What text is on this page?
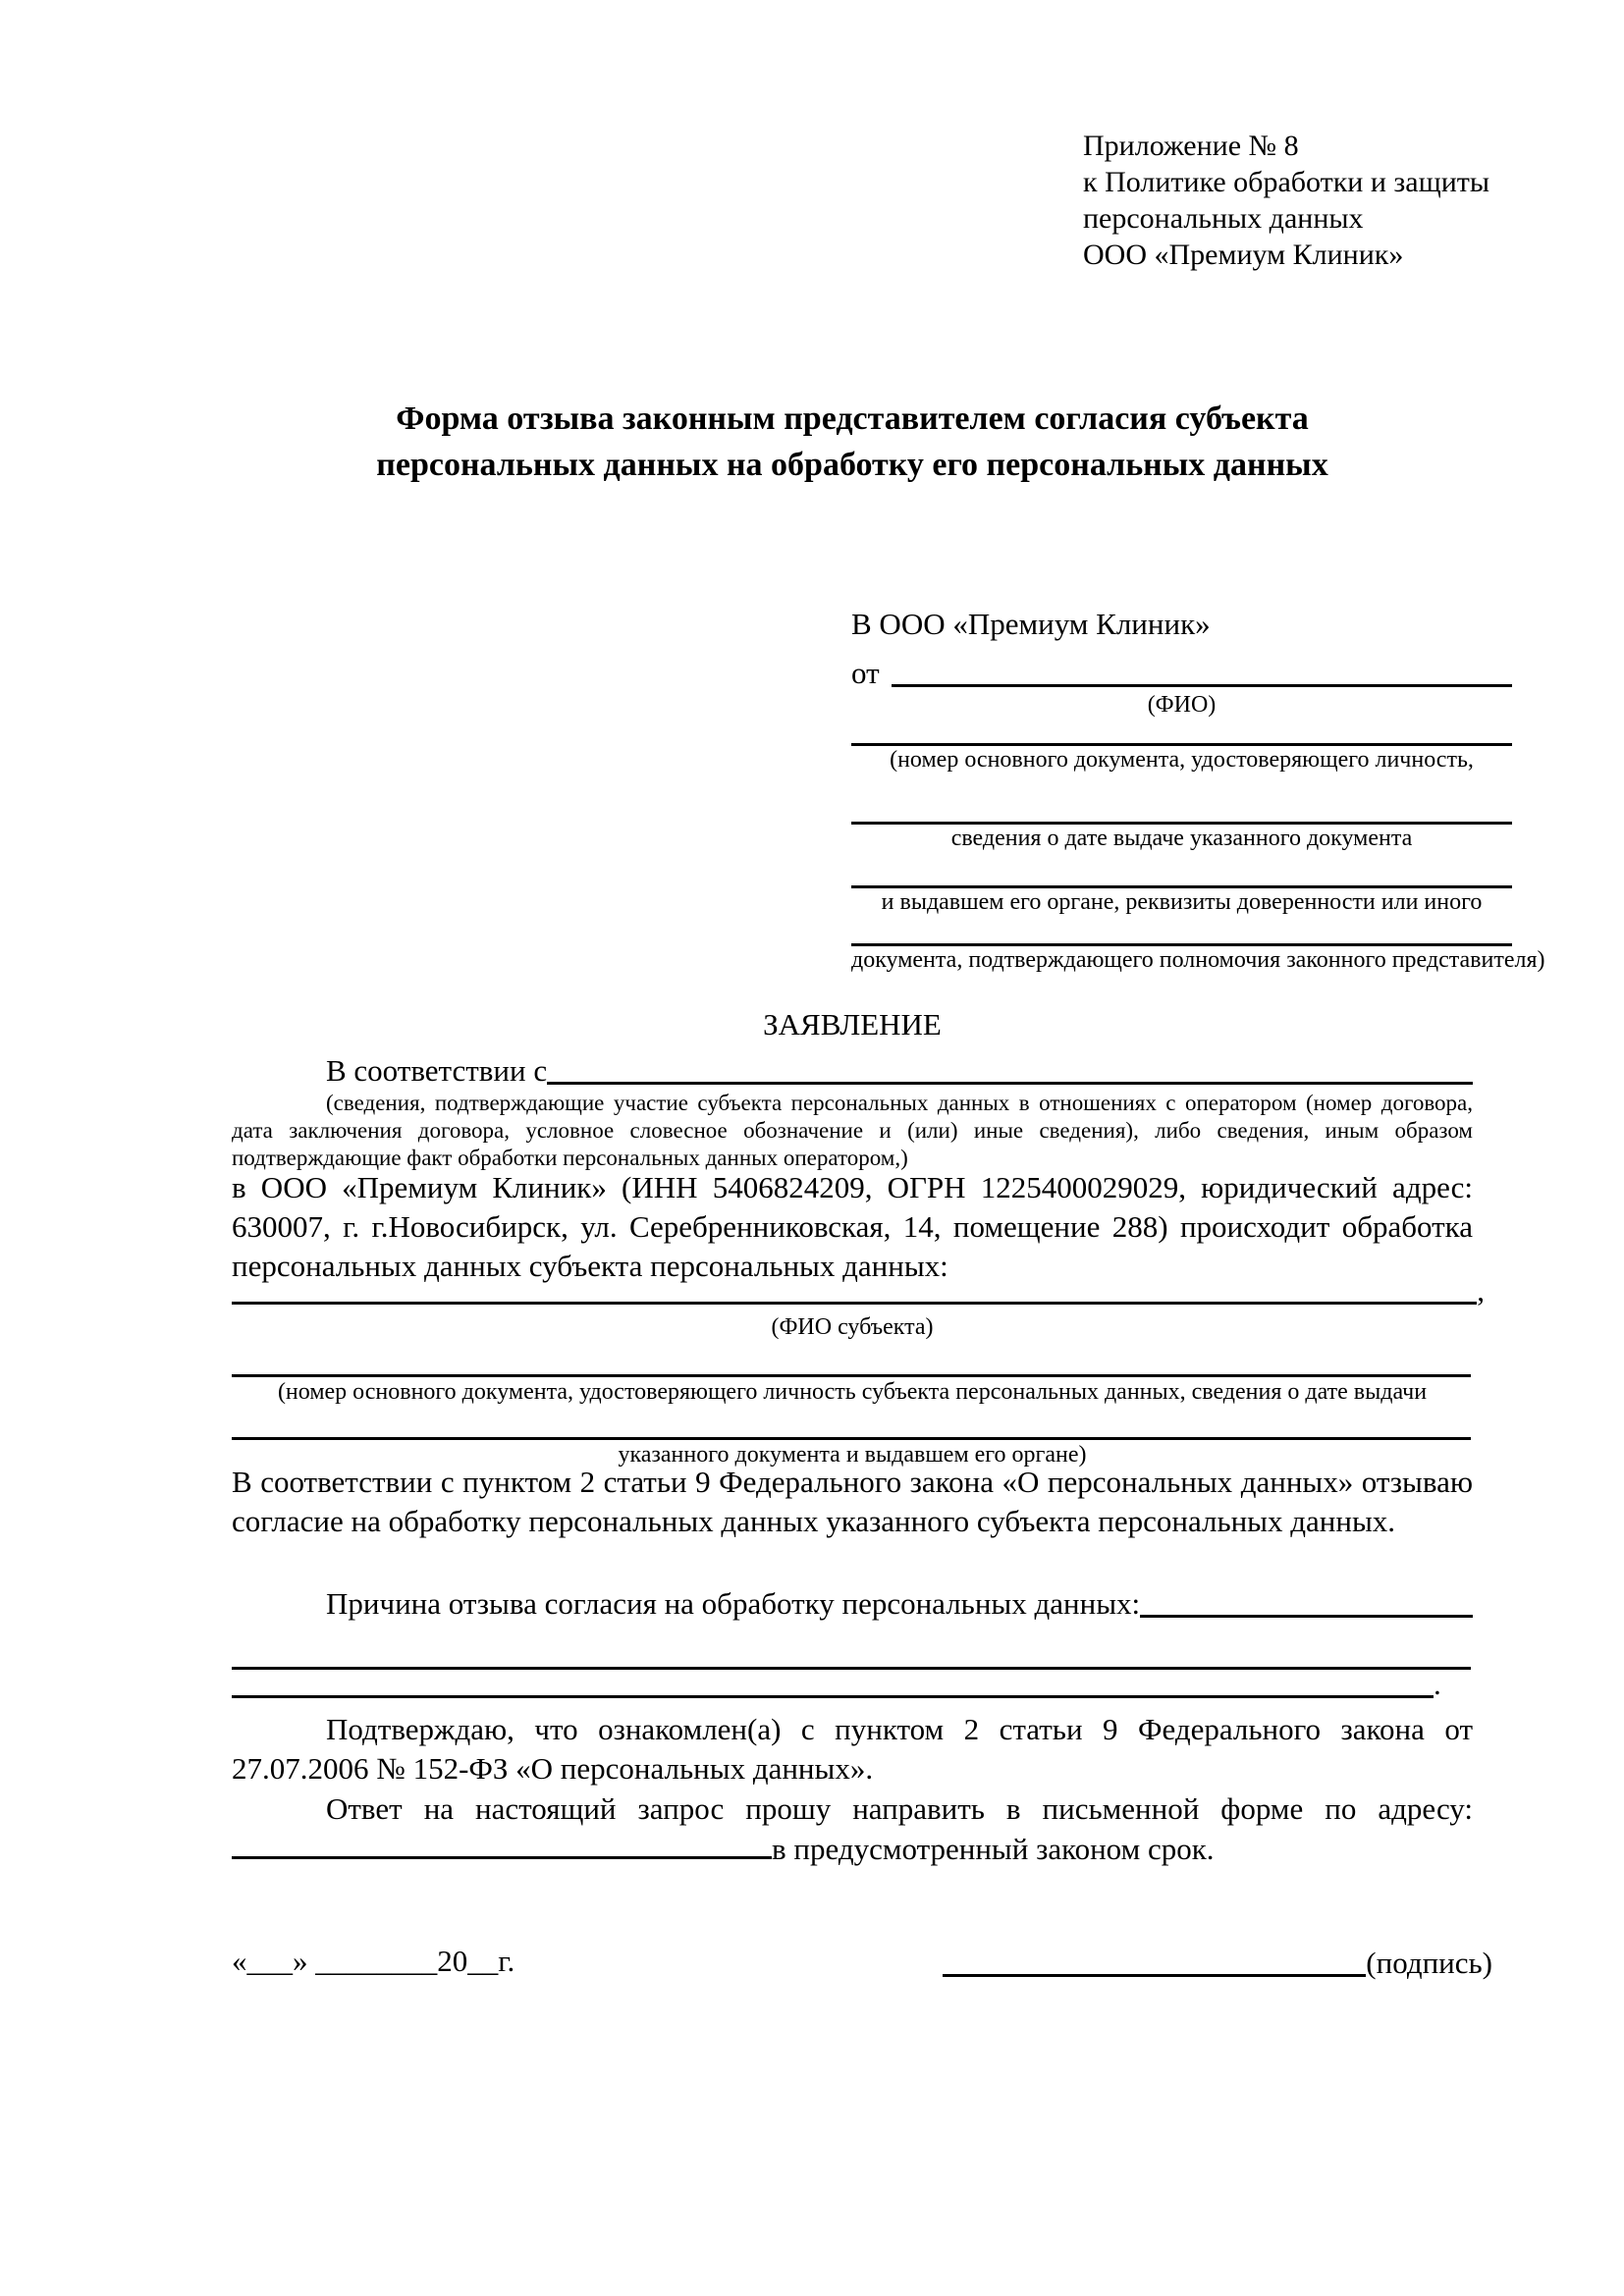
Приложение № 8
к Политике обработки и защиты
персональных данных
ООО «Премиум Клиник»
Форма отзыва законным представителем согласия субъекта
персональных данных на обработку его персональных данных
В ООО «Премиум Клиник»
от
(ФИО)
(номер основного документа, удостоверяющего личность,
сведения о дате выдаче указанного документа
и выдавшем его органе, реквизиты доверенности или иного
документа, подтверждающего полномочия законного представителя)
ЗАЯВЛЕНИЕ
В соответствии с
(сведения, подтверждающие участие субъекта персональных данных в отношениях с оператором (номер договора, дата заключения договора, условное словесное обозначение и (или) иные сведения), либо сведения, иным образом подтверждающие факт обработки персональных данных оператором,)
в ООО «Премиум Клиник» (ИНН 5406824209, ОГРН 1225400029029, юридический адрес: 630007, г. г.Новосибирск, ул. Серебренниковская, 14, помещение 288) происходит обработка персональных данных субъекта персональных данных:
,
(ФИО субъекта)
(номер основного документа, удостоверяющего личность субъекта персональных данных, сведения о дате выдачи
указанного документа и выдавшем его органе)
В соответствии с пунктом 2 статьи 9 Федерального закона «О персональных данных» отзываю согласие на обработку персональных данных указанного субъекта персональных данных.
Причина отзыва согласия на обработку персональных данных:
.
Подтверждаю, что ознакомлен(а) с пунктом 2 статьи 9 Федерального закона от 27.07.2006 № 152-ФЗ «О персональных данных».
Ответ на настоящий запрос прошу направить в письменной форме по адресу:в предусмотренный законом срок.
«___» ________20__г.	(подпись)
